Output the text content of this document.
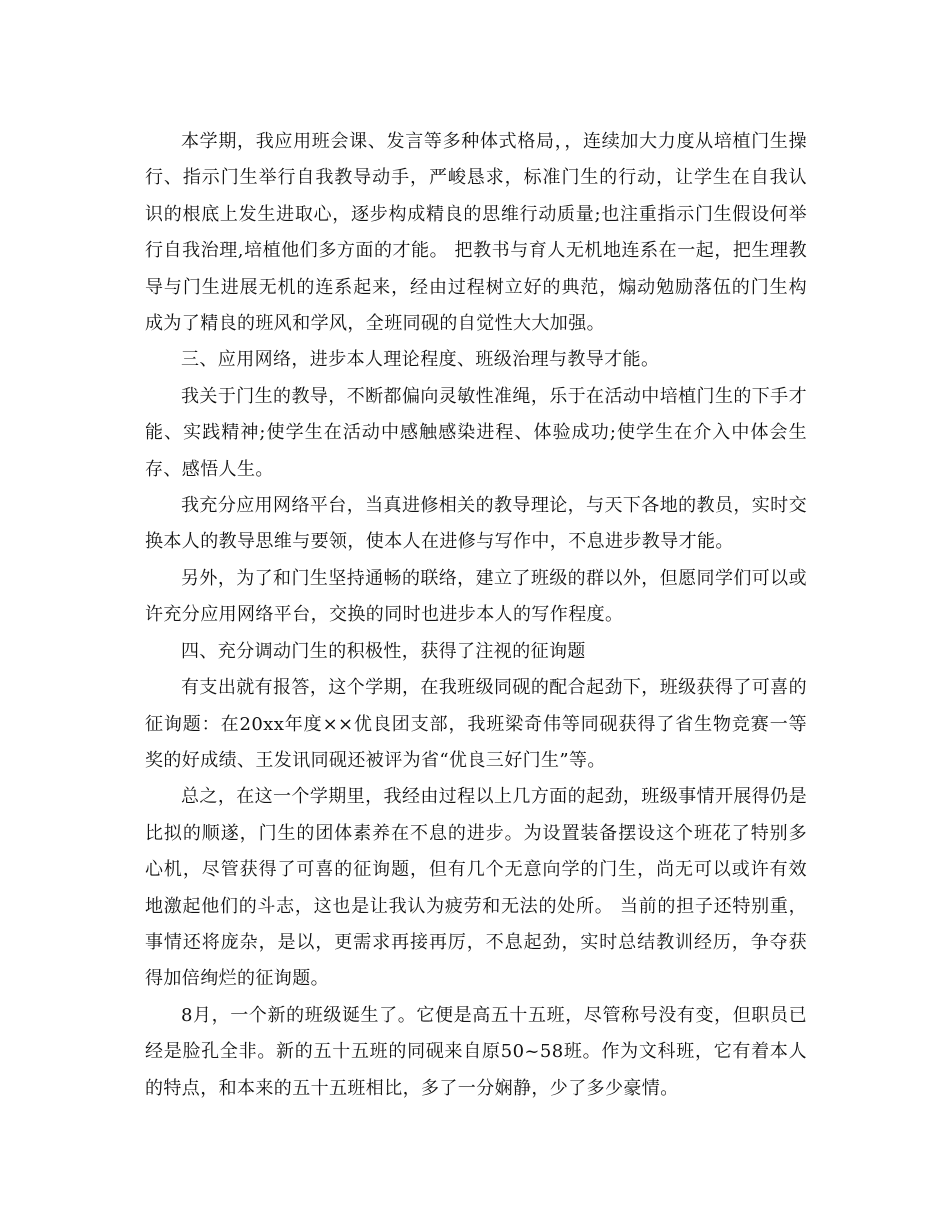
本学期，我应用班会课、发言等多种体式格局，，连续加大力度从培植门生操行、指示门生举行自我教导动手，严峻恳求，标准门生的行动，让学生在自我认识的根底上发生进取心，逐步构成精良的思维行动质量;也注重指示门生假设何举行自我治理,培植他们多方面的才能。 把教书与育人无机地连系在一起，把生理教导与门生进展无机的连系起来，经由过程树立好的典范，煽动勉励落伍的门生构成为了精良的班风和学风，全班同砚的自觉性大大加强。

三、应用网络，进步本人理论程度、班级治理与教导才能。

我关于门生的教导，不断都偏向灵敏性准绳，乐于在活动中培植门生的下手才能、实践精神;使学生在活动中感触感染进程、体验成功;使学生在介入中体会生存、感悟人生。

我充分应用网络平台，当真进修相关的教导理论，与天下各地的教员，实时交换本人的教导思维与要领，使本人在进修与写作中，不息进步教导才能。

另外，为了和门生坚持通畅的联络，建立了班级的群以外，但愿同学们可以或许充分应用网络平台，交换的同时也进步本人的写作程度。

四、充分调动门生的积极性，获得了注视的征询题

有支出就有报答，这个学期，在我班级同砚的配合起劲下，班级获得了可喜的征询题：在20xx年度××优良团支部，我班梁奇伟等同砚获得了省生物竞赛一等奖的好成绩、王发讯同砚还被评为省“优良三好门生”等。

总之，在这一个学期里，我经由过程以上几方面的起劲，班级事情开展得仍是比拟的顺遂，门生的团体素养在不息的进步。为设置装备摆设这个班花了特别多心机，尽管获得了可喜的征询题，但有几个无意向学的门生，尚无可以或许有效地激起他们的斗志，这也是让我认为疲劳和无法的处所。 当前的担子还特别重，事情还将庞杂，是以，更需求再接再厉，不息起劲，实时总结教训经历，争夺获得加倍绚烂的征询题。

8月，一个新的班级诞生了。它便是高五十五班，尽管称号没有变，但职员已经是脸孔全非。新的五十五班的同砚来自原50~58班。作为文科班，它有着本人的特点，和本来的五十五班相比，多了一分娴静，少了多少豪情。
